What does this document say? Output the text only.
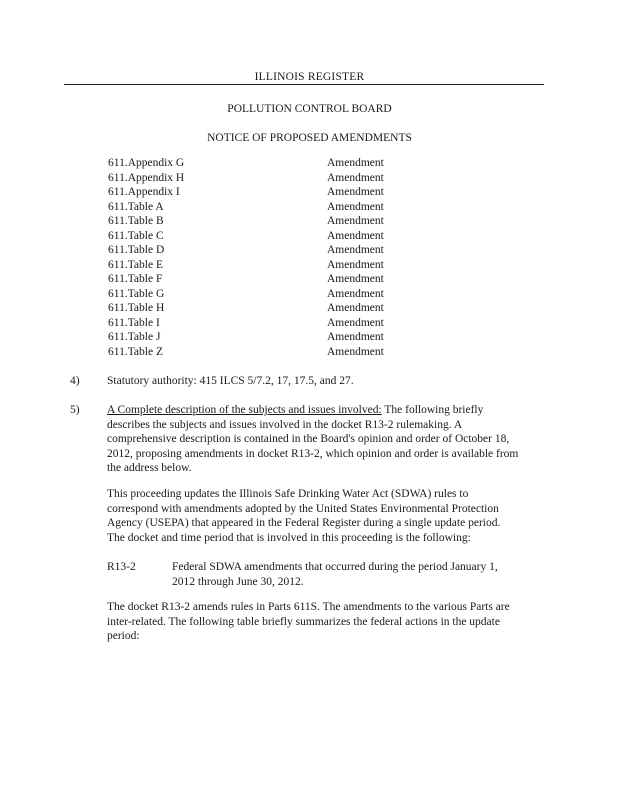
ILLINOIS REGISTER
POLLUTION CONTROL BOARD
NOTICE OF PROPOSED AMENDMENTS
611.Appendix G	Amendment
611.Appendix H	Amendment
611.Appendix I	Amendment
611.Table A	Amendment
611.Table B	Amendment
611.Table C	Amendment
611.Table D	Amendment
611.Table E	Amendment
611.Table F	Amendment
611.Table G	Amendment
611.Table H	Amendment
611.Table I	Amendment
611.Table J	Amendment
611.Table Z	Amendment
4) Statutory authority: 415 ILCS 5/7.2, 17, 17.5, and 27.
5) A Complete description of the subjects and issues involved: The following briefly
describes the subjects and issues involved in the docket R13-2 rulemaking. A
comprehensive description is contained in the Board's opinion and order of October 18,
2012, proposing amendments in docket R13-2, which opinion and order is available from
the address below.
This proceeding updates the Illinois Safe Drinking Water Act (SDWA) rules to
correspond with amendments adopted by the United States Environmental Protection
Agency (USEPA) that appeared in the Federal Register during a single update period.
The docket and time period that is involved in this proceeding is the following:
R13-2	Federal SDWA amendments that occurred during the period January 1,
2012 through June 30, 2012.
The docket R13-2 amends rules in Parts 611S. The amendments to the various Parts are
inter-related. The following table briefly summarizes the federal actions in the update
period:
